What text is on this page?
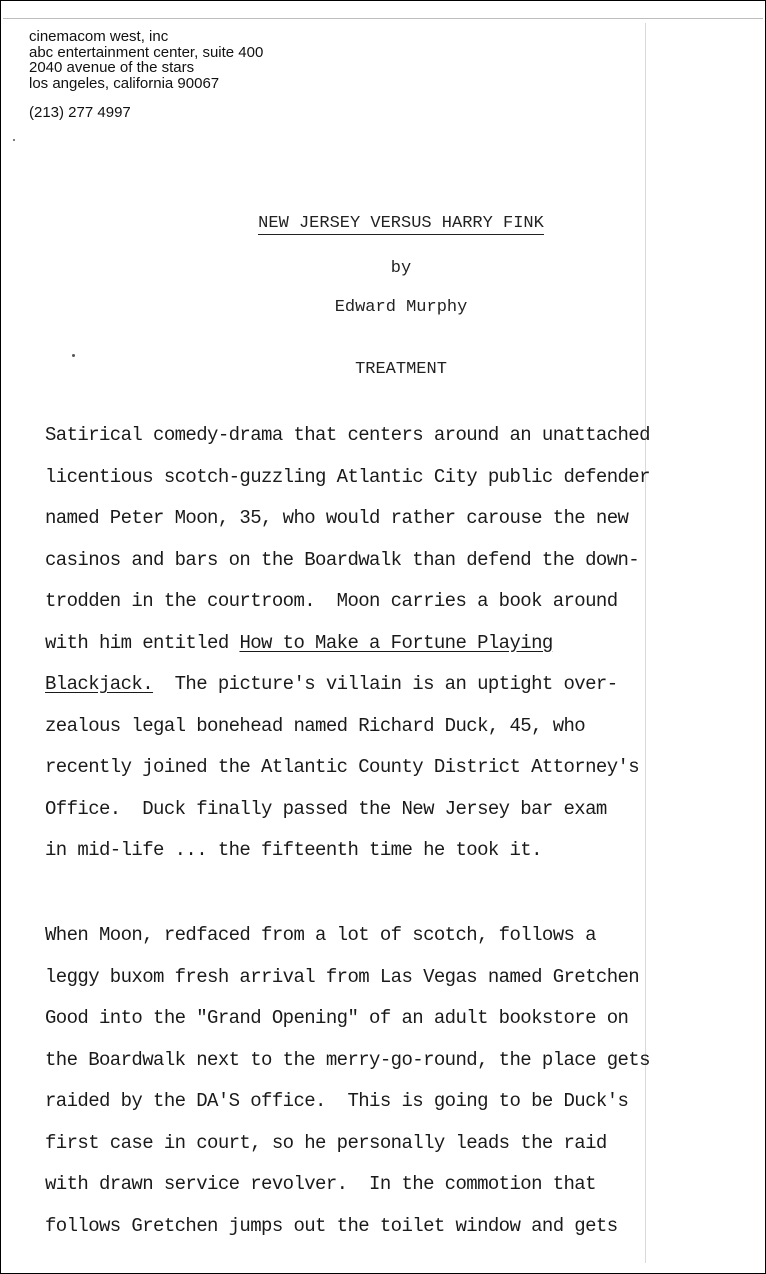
cinemacom west, inc
abc entertainment center, suite 400
2040 avenue of the stars
los angeles, california 90067
(213) 277 4997
NEW JERSEY VERSUS HARRY FINK
by
Edward Murphy
TREATMENT
Satirical comedy-drama that centers around an unattached
licentious scotch-guzzling Atlantic City public defender
named Peter Moon, 35, who would rather carouse the new
casinos and bars on the Boardwalk than defend the down-
trodden in the courtroom.  Moon carries a book around
with him entitled How to Make a Fortune Playing
Blackjack.  The picture's villain is an uptight over-
zealous legal bonehead named Richard Duck, 45, who
recently joined the Atlantic County District Attorney's
Office.  Duck finally passed the New Jersey bar exam
in mid-life ... the fifteenth time he took it.
When Moon, redfaced from a lot of scotch, follows a
leggy buxom fresh arrival from Las Vegas named Gretchen
Good into the "Grand Opening" of an adult bookstore on
the Boardwalk next to the merry-go-round, the place gets
raided by the DA'S office.  This is going to be Duck's
first case in court, so he personally leads the raid
with drawn service revolver.  In the commotion that
follows Gretchen jumps out the toilet window and gets
